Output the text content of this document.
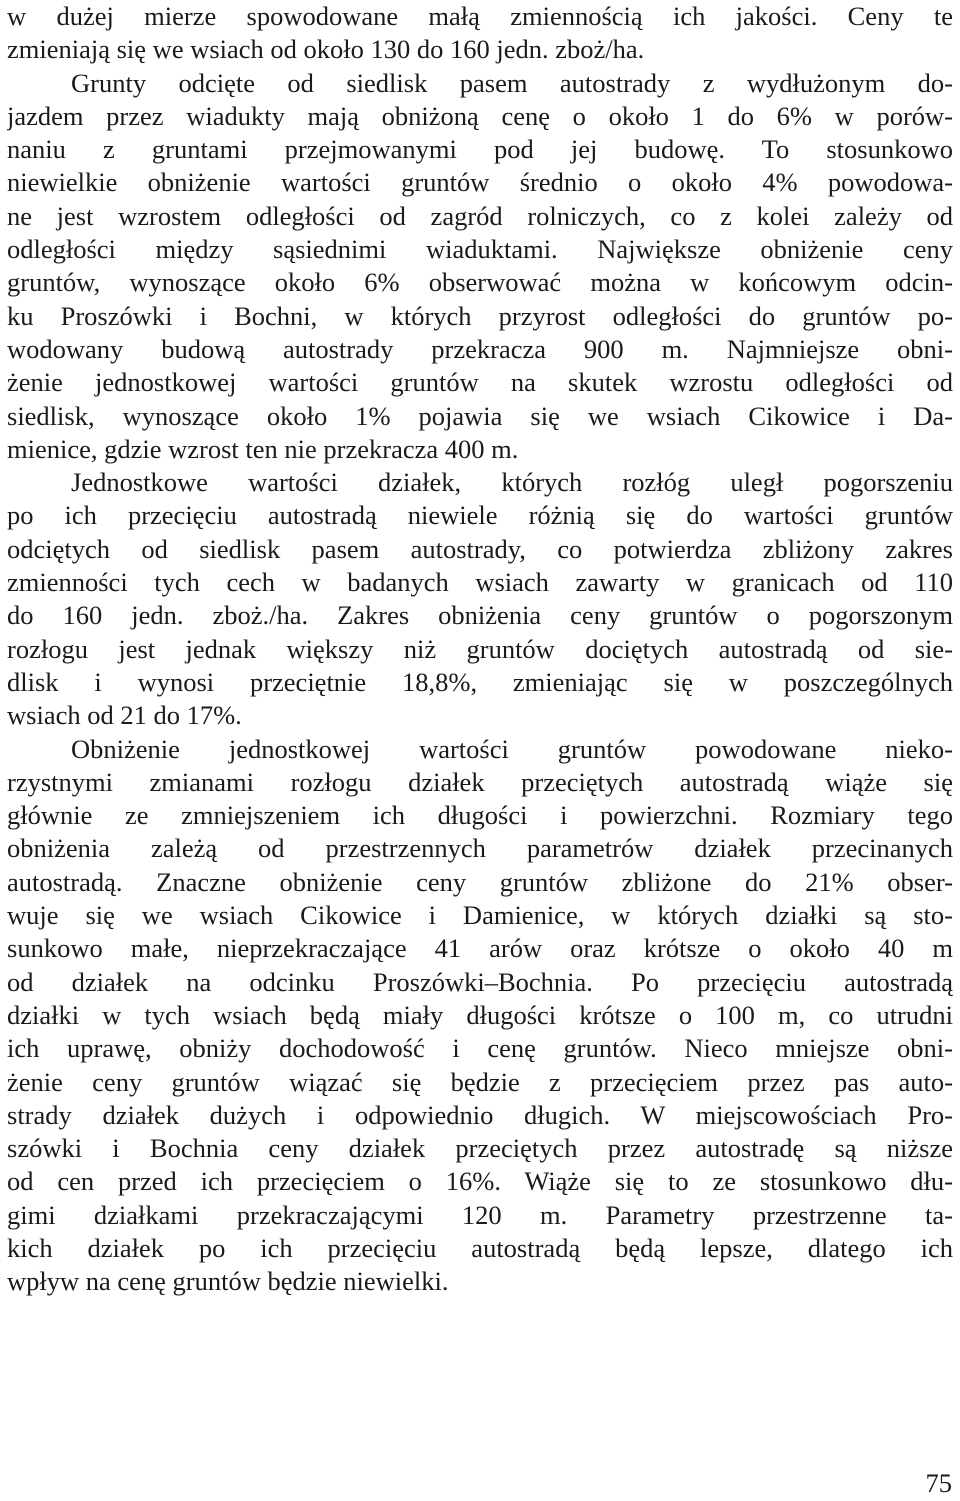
w dużej mierze spowodowane małą zmiennością ich jakości. Ceny te
zmieniają się we wsiach od około 130 do 160 jedn. zboż/ha.
Grunty odcięte od siedlisk pasem autostrady z wydłużonym do-
jazdem przez wiadukty mają obniżoną cenę o około 1 do 6% w porów-
naniu z gruntami przejmowanymi pod jej budowę. To stosunkowo
niewielkie obniżenie wartości gruntów średnio o około 4% powodowa-
ne jest wzrostem odległości od zagród rolniczych, co z kolei zależy od
odległości między sąsiednimi wiaduktami. Największe obniżenie ceny
gruntów, wynoszące około 6% obserwować można w końcowym odcin-
ku Proszówki i Bochni, w których przyrost odległości do gruntów po-
wodowany budową autostrady przekracza 900 m. Najmniejsze obni-
żenie jednostkowej wartości gruntów na skutek wzrostu odległości od
siedlisk, wynoszące około 1% pojawia się we wsiach Cikowice i Da-
mienice, gdzie wzrost ten nie przekracza 400 m.
Jednostkowe wartości działek, których rozłóg uległ pogorszeniu
po ich przecięciu autostradą niewiele różnią się do wartości gruntów
odciętych od siedlisk pasem autostrady, co potwierdza zbliżony zakres
zmienności tych cech w badanych wsiach zawarty w granicach od 110
do 160 jedn. zboż./ha. Zakres obniżenia ceny gruntów o pogorszonym
rozłogu jest jednak większy niż gruntów dociętych autostradą od sie-
dlisk i wynosi przeciętnie 18,8%, zmieniając się w poszczególnych
wsiach od 21 do 17%.
Obniżenie jednostkowej wartości gruntów powodowane nieko-
rzystnymi zmianami rozłogu działek przeciętych autostradą wiąże się
głównie ze zmniejszeniem ich długości i powierzchni. Rozmiary tego
obniżenia zależą od przestrzennych parametrów działek przecinanych
autostradą. Znaczne obniżenie ceny gruntów zbliżone do 21% obser-
wuje się we wsiach Cikowice i Damienice, w których działki są sto-
sunkowo małe, nieprzekraczające 41 arów oraz krótsze o około 40 m
od działek na odcinku Proszówki–Bochnia. Po przecięciu autostradą
działki w tych wsiach będą miały długości krótsze o 100 m, co utrudni
ich uprawę, obniży dochodowość i cenę gruntów. Nieco mniejsze obni-
żenie ceny gruntów wiązać się będzie z przecięciem przez pas auto-
strady działek dużych i odpowiednio długich. W miejscowościach Pro-
szówki i Bochnia ceny działek przeciętych przez autostradę są niższe
od cen przed ich przecięciem o 16%. Wiąże się to ze stosunkowo dłu-
gimi działkami przekraczającymi 120 m. Parametry przestrzenne ta-
kich działek po ich przecięciu autostradą będą lepsze, dlatego ich
wpływ na cenę gruntów będzie niewielki.
75
